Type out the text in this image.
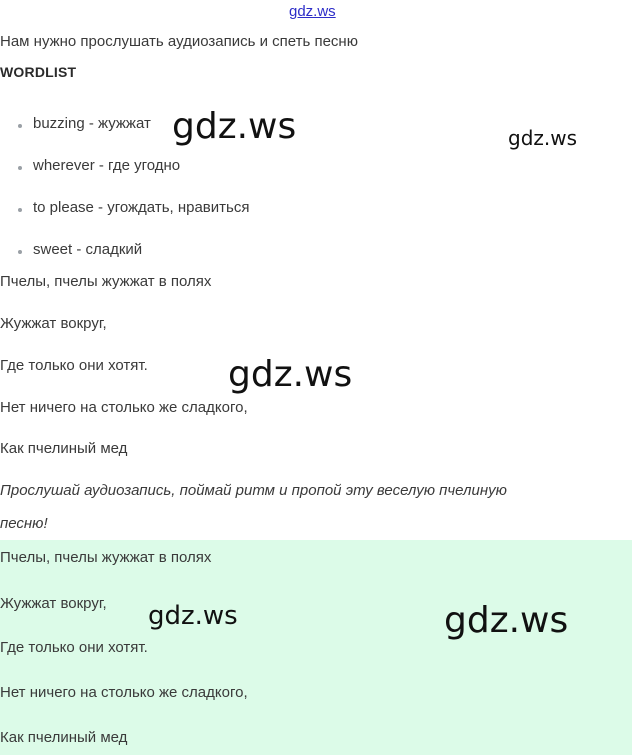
gdz.ws
Нам нужно прослушать аудиозапись и спеть песню
WORDLIST
buzzing - жужжат
wherever - где угодно
to please - угождать, нравиться
sweet - сладкий
Пчелы, пчелы жужжат в полях
Жужжат вокруг,
Где только они хотят.
Нет ничего на столько же сладкого,
Как пчелиный мед
Прослушай аудиозапись, поймай ритм и пропой эту веселую пчелиную
песню!
Пчелы, пчелы жужжат в полях
Жужжат вокруг,
Где только они хотят.
Нет ничего на столько же сладкого,
Как пчелиный мед
gdz.ws	gdz.ws
gdz.ws
gdz.ws	gdz.ws
